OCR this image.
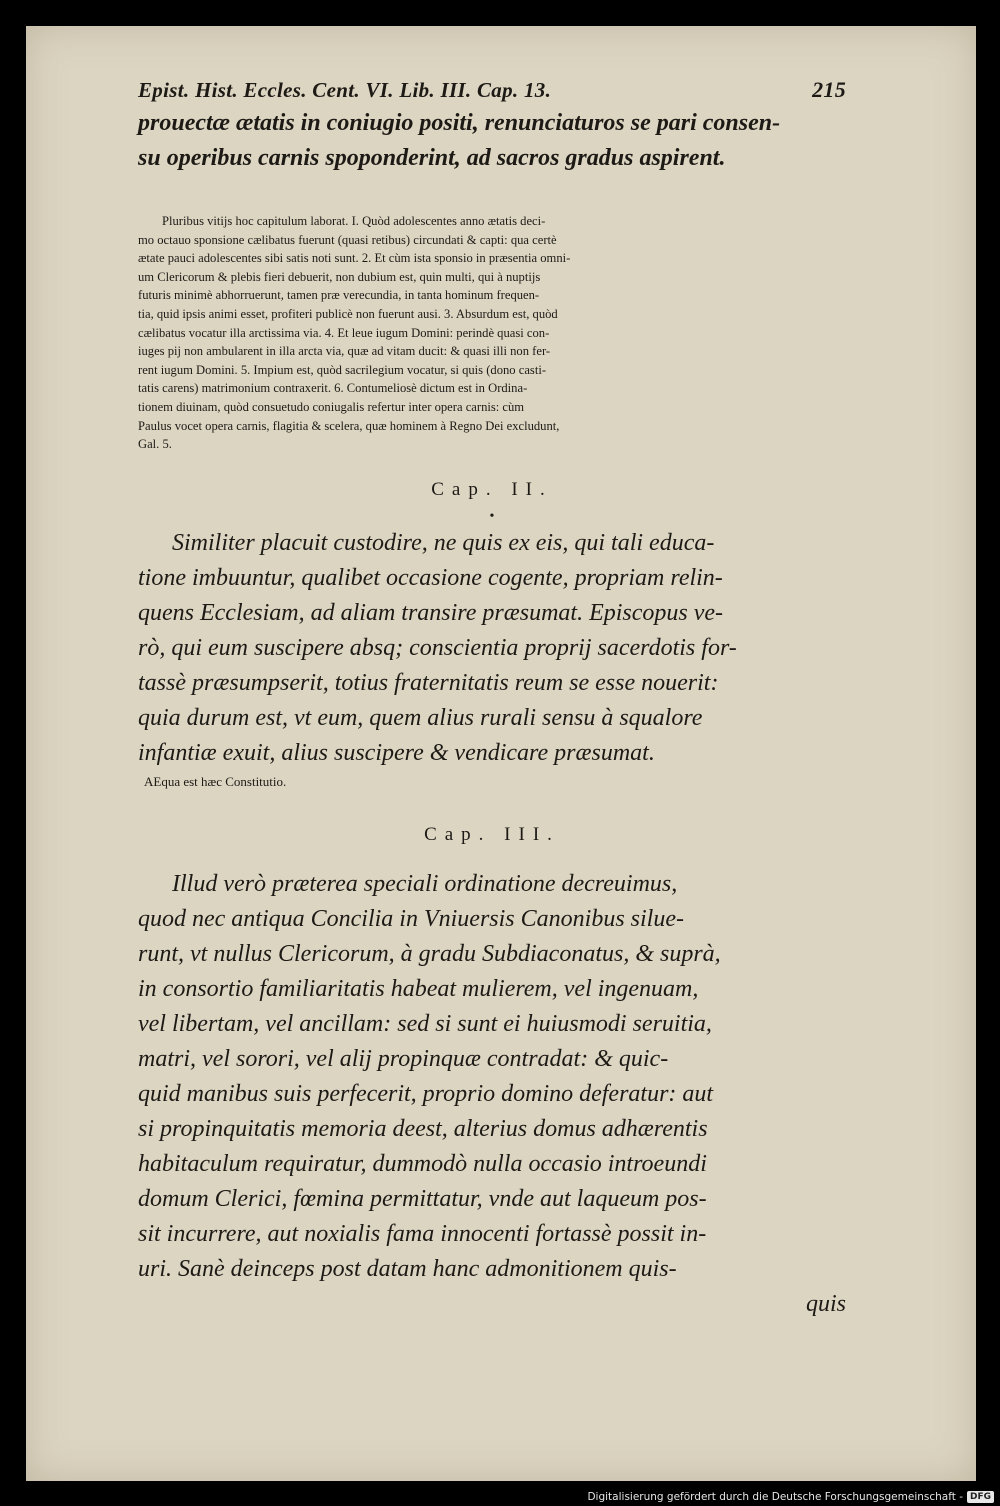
Epist. Hist. Eccles. Cent. VI. Lib. III. Cap. 13.	215
prouectæ ætatis in coniugio positi, renunciaturos se pari consen-
su operibus carnis spoponderint, ad sacros gradus aspirent.
Pluribus vitijs hoc capitulum laborat. I. Quòd adolescentes anno ætatis deci-
mo octauo sponsione cælibatus fuerunt (quasi retibus) circundati & capti: qua certè
ætate pauci adolescentes sibi satis noti sunt. 2. Et cùm ista sponsio in præsentia omni-
um Clericorum & plebis fieri debuerit, non dubium est, quin multi, qui à nuptijs
futuris minimè abhorruerunt, tamen præ verecundia, in tanta hominum frequen-
tia, quid ipsis animi esset, profiteri publicè non fuerunt ausi. 3. Absurdum est, quòd
cælibatus vocatur illa arctissima via. 4. Et leue iugum Domini: perindè quasi con-
iuges pij non ambularent in illa arcta via, quæ ad vitam ducit: & quasi illi non fer-
rent iugum Domini. 5. Impium est, quòd sacrilegium vocatur, si quis (dono casti-
tatis carens) matrimonium contraxerit. 6. Contumeliosè dictum est in Ordina-
tionem diuinam, quòd consuetudo coniugalis refertur inter opera carnis: cùm
Paulus vocet opera carnis, flagitia & scelera, quæ hominem à Regno Dei excludunt,
Gal. 5.
Cap. II.
•
Similiter placuit custodire, ne quis ex eis, qui tali educa-
tione imbuuntur, qualibet occasione cogente, propriam relin-
quens Ecclesiam, ad aliam transire præsumat. Episcopus ve-
rò, qui eum suscipere absq; conscientia proprij sacerdotis for-
tassè præsumpserit, totius fraternitatis reum se esse nouerit:
quia durum est, vt eum, quem alius rurali sensu à squalore
infantiæ exuit, alius suscipere & vendicare præsumat.
AEqua est hæc Constitutio.
Cap. III.
Illud verò præterea speciali ordinatione decreuimus,
quod nec antiqua Concilia in Vniuersis Canonibus siluе-
runt, vt nullus Clericorum, à gradu Subdiaconatus, & suprà,
in consortio familiaritatis habeat mulierem, vel ingenuam,
vel libertam, vel ancillam: sed si sunt ei huiusmodi seruitia,
matri, vel sorori, vel alij propinquæ contradat: & quic-
quid manibus suis perfecerit, proprio domino deferatur: aut
si propinquitatis memoria deest, alterius domus adhærentis
habitaculum requiratur, dummodò nulla occasio introeundi
domum Clerici, fœmina permittatur, vnde aut laqueum pos-
sit incurrere, aut noxialis fama innocenti fortassè possit in-
uri. Sanè deinceps post datam hanc admonitionem quis-
quis
Digitalisierung gefördert durch die Deutsche Forschungsgemeinschaft - DFG
